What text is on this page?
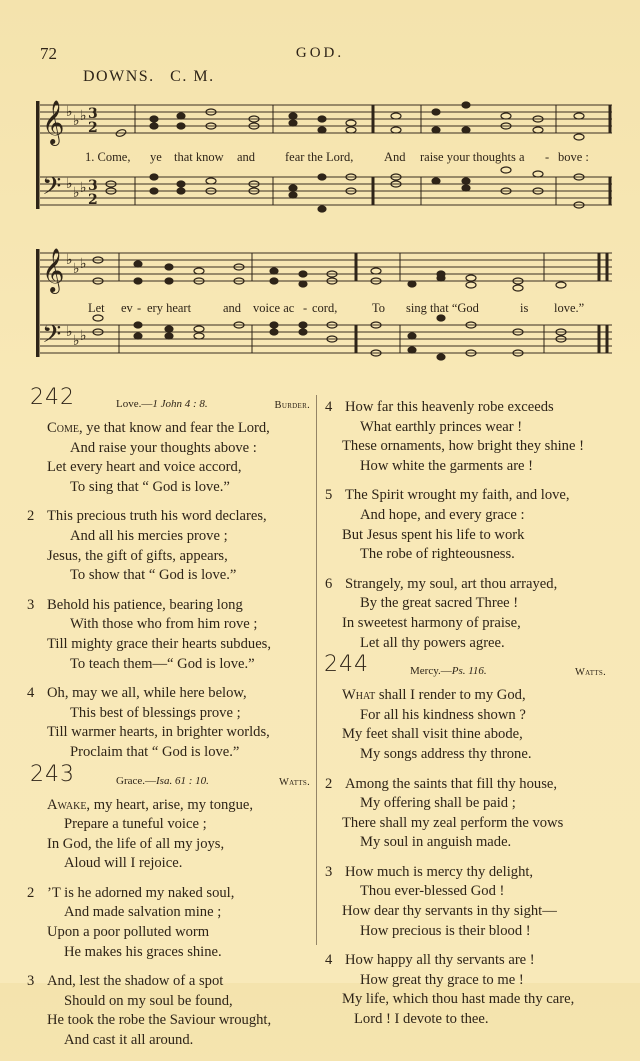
72	GOD.
DOWNS. C. M.
𝄞
𝄢
♭
♭ ♭
♭
♭ ♭
3
2
3
2
1. Come, ye that know and fear the Lord, And raise your thoughts a - bove :
𝄞
𝄢
♭
♭ ♭
♭
♭ ♭
Let ev - ery heart	and voice ac - cord,	To sing that “God	is love.”
242	Love.—1 John 4 : 8.	Burder.
Come, ye that know and fear the Lord,
And raise your thoughts above :
Let every heart and voice accord,
To sing that “ God is love.”
2 This precious truth his word declares,
And all his mercies prove ;
Jesus, the gift of gifts, appears,
To show that “ God is love.”
3 Behold his patience, bearing long
With those who from him rove ;
Till mighty grace their hearts subdues,
To teach them—“ God is love.”
4 Oh, may we all, while here below,
This best of blessings prove ;
Till warmer hearts, in brighter worlds,
Proclaim that “ God is love.”
243	Grace.—Isa. 61 : 10.	Watts.
Awake, my heart, arise, my tongue,
Prepare a tuneful voice ;
In God, the life of all my joys,
Aloud will I rejoice.
2 ’T is he adorned my naked soul,
And made salvation mine ;
Upon a poor polluted worm
He makes his graces shine.
3 And, lest the shadow of a spot
Should on my soul be found,
He took the robe the Saviour wrought,
And cast it all around.
4 How far this heavenly robe exceeds
What earthly princes wear !
These ornaments, how bright they shine !
How white the garments are !
5 The Spirit wrought my faith, and love,
And hope, and every grace :
But Jesus spent his life to work
The robe of righteousness.
6 Strangely, my soul, art thou arrayed,
By the great sacred Three !
In sweetest harmony of praise,
Let all thy powers agree.
244	Mercy.—Ps. 116.	Watts.
What shall I render to my God,
For all his kindness shown ?
My feet shall visit thine abode,
My songs address thy throne.
2 Among the saints that fill thy house,
My offering shall be paid ;
There shall my zeal perform the vows
My soul in anguish made.
3 How much is mercy thy delight,
Thou ever-blessed God !
How dear thy servants in thy sight—
How precious is their blood !
4 How happy all thy servants are !
How great thy grace to me !
My life, which thou hast made thy care,
Lord ! I devote to thee.
